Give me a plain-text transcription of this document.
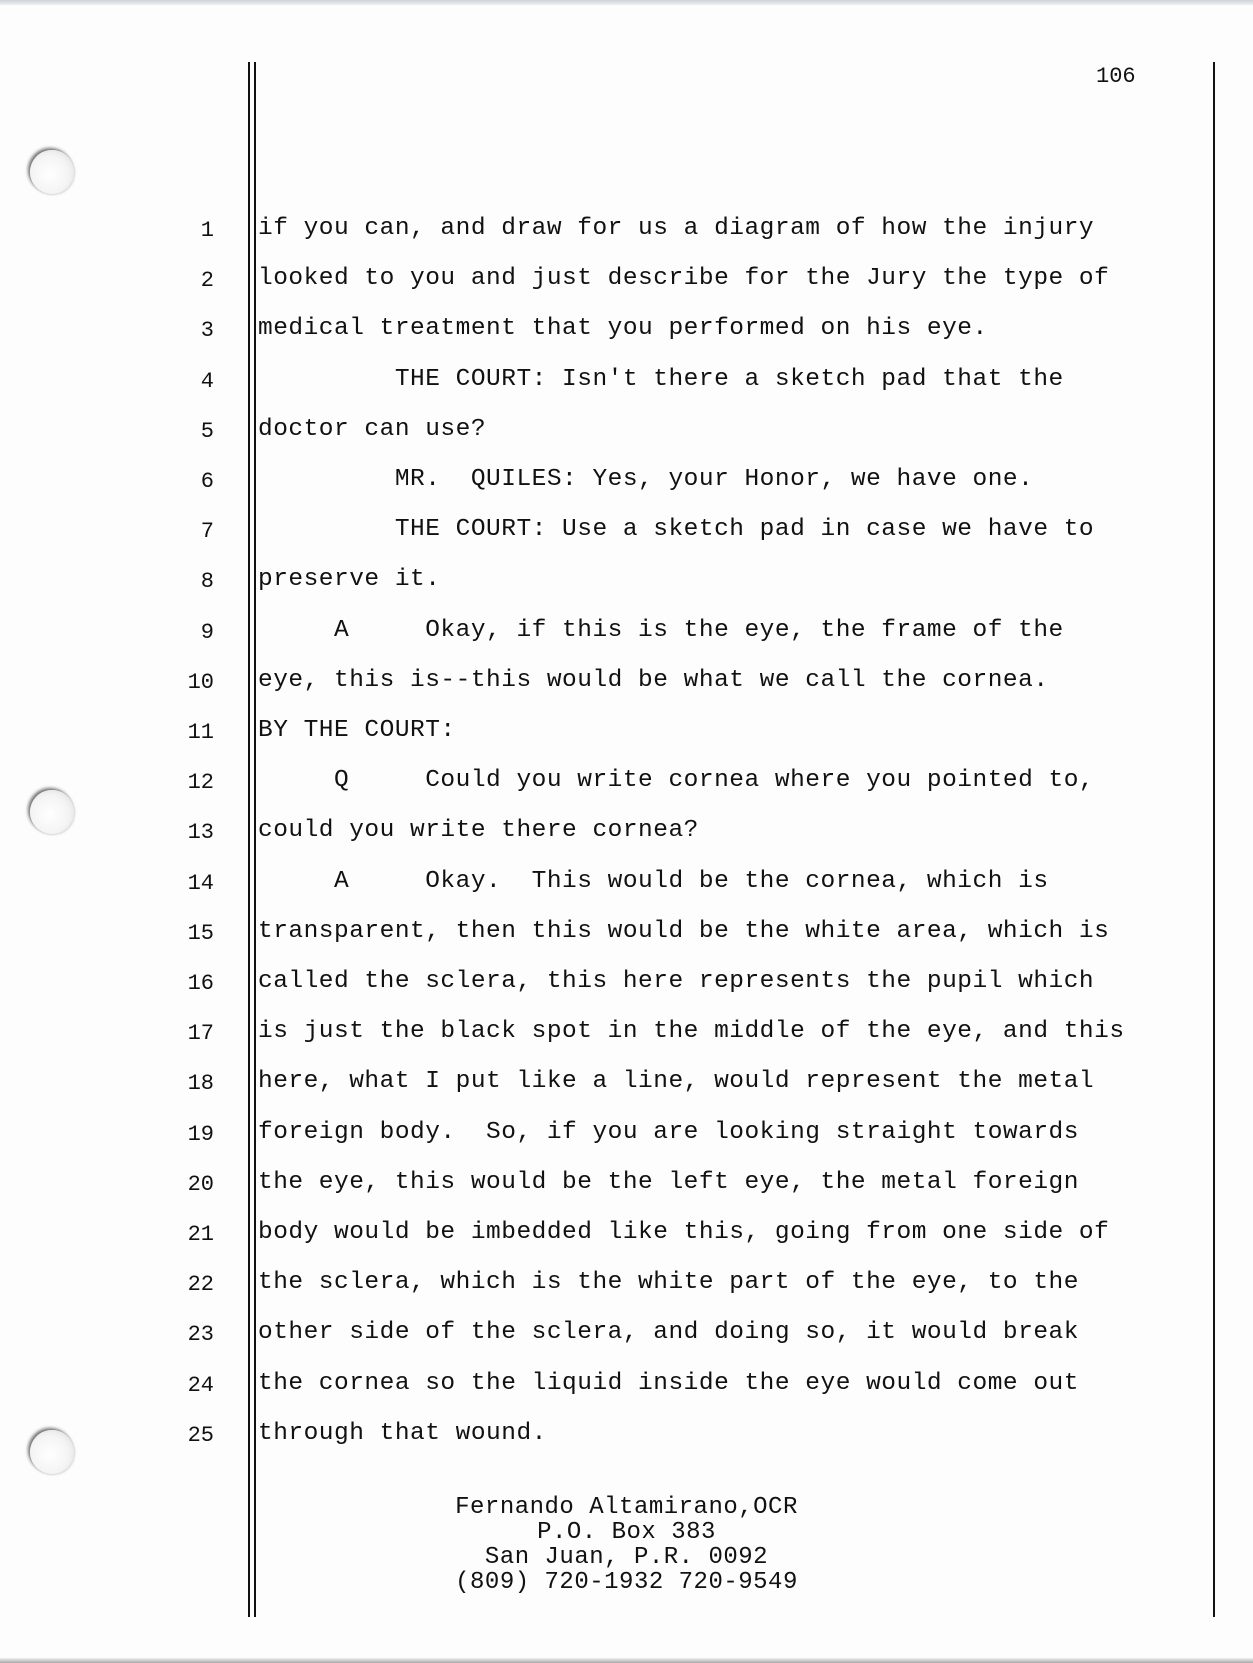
106
1 if you can, and draw for us a diagram of how the injury
2 looked to you and just describe for the Jury the type of
3 medical treatment that you performed on his eye.
4 THE COURT: Isn't there a sketch pad that the
5 doctor can use?
6 MR.  QUILES: Yes, your Honor, we have one.
7 THE COURT: Use a sketch pad in case we have to
8 preserve it.
9 A     Okay, if this is the eye, the frame of the
10 eye, this is--this would be what we call the cornea.
11 BY THE COURT:
12 Q     Could you write cornea where you pointed to,
13 could you write there cornea?
14 A     Okay.  This would be the cornea, which is
15 transparent, then this would be the white area, which is
16 called the sclera, this here represents the pupil which
17 is just the black spot in the middle of the eye, and this
18 here, what I put like a line, would represent the metal
19 foreign body.  So, if you are looking straight towards
20 the eye, this would be the left eye, the metal foreign
21 body would be imbedded like this, going from one side of
22 the sclera, which is the white part of the eye, to the
23 other side of the sclera, and doing so, it would break
24 the cornea so the liquid inside the eye would come out
25 through that wound.
Fernando Altamirano,OCR
P.O. Box 383
San Juan, P.R. 0092
(809) 720-1932 720-9549
